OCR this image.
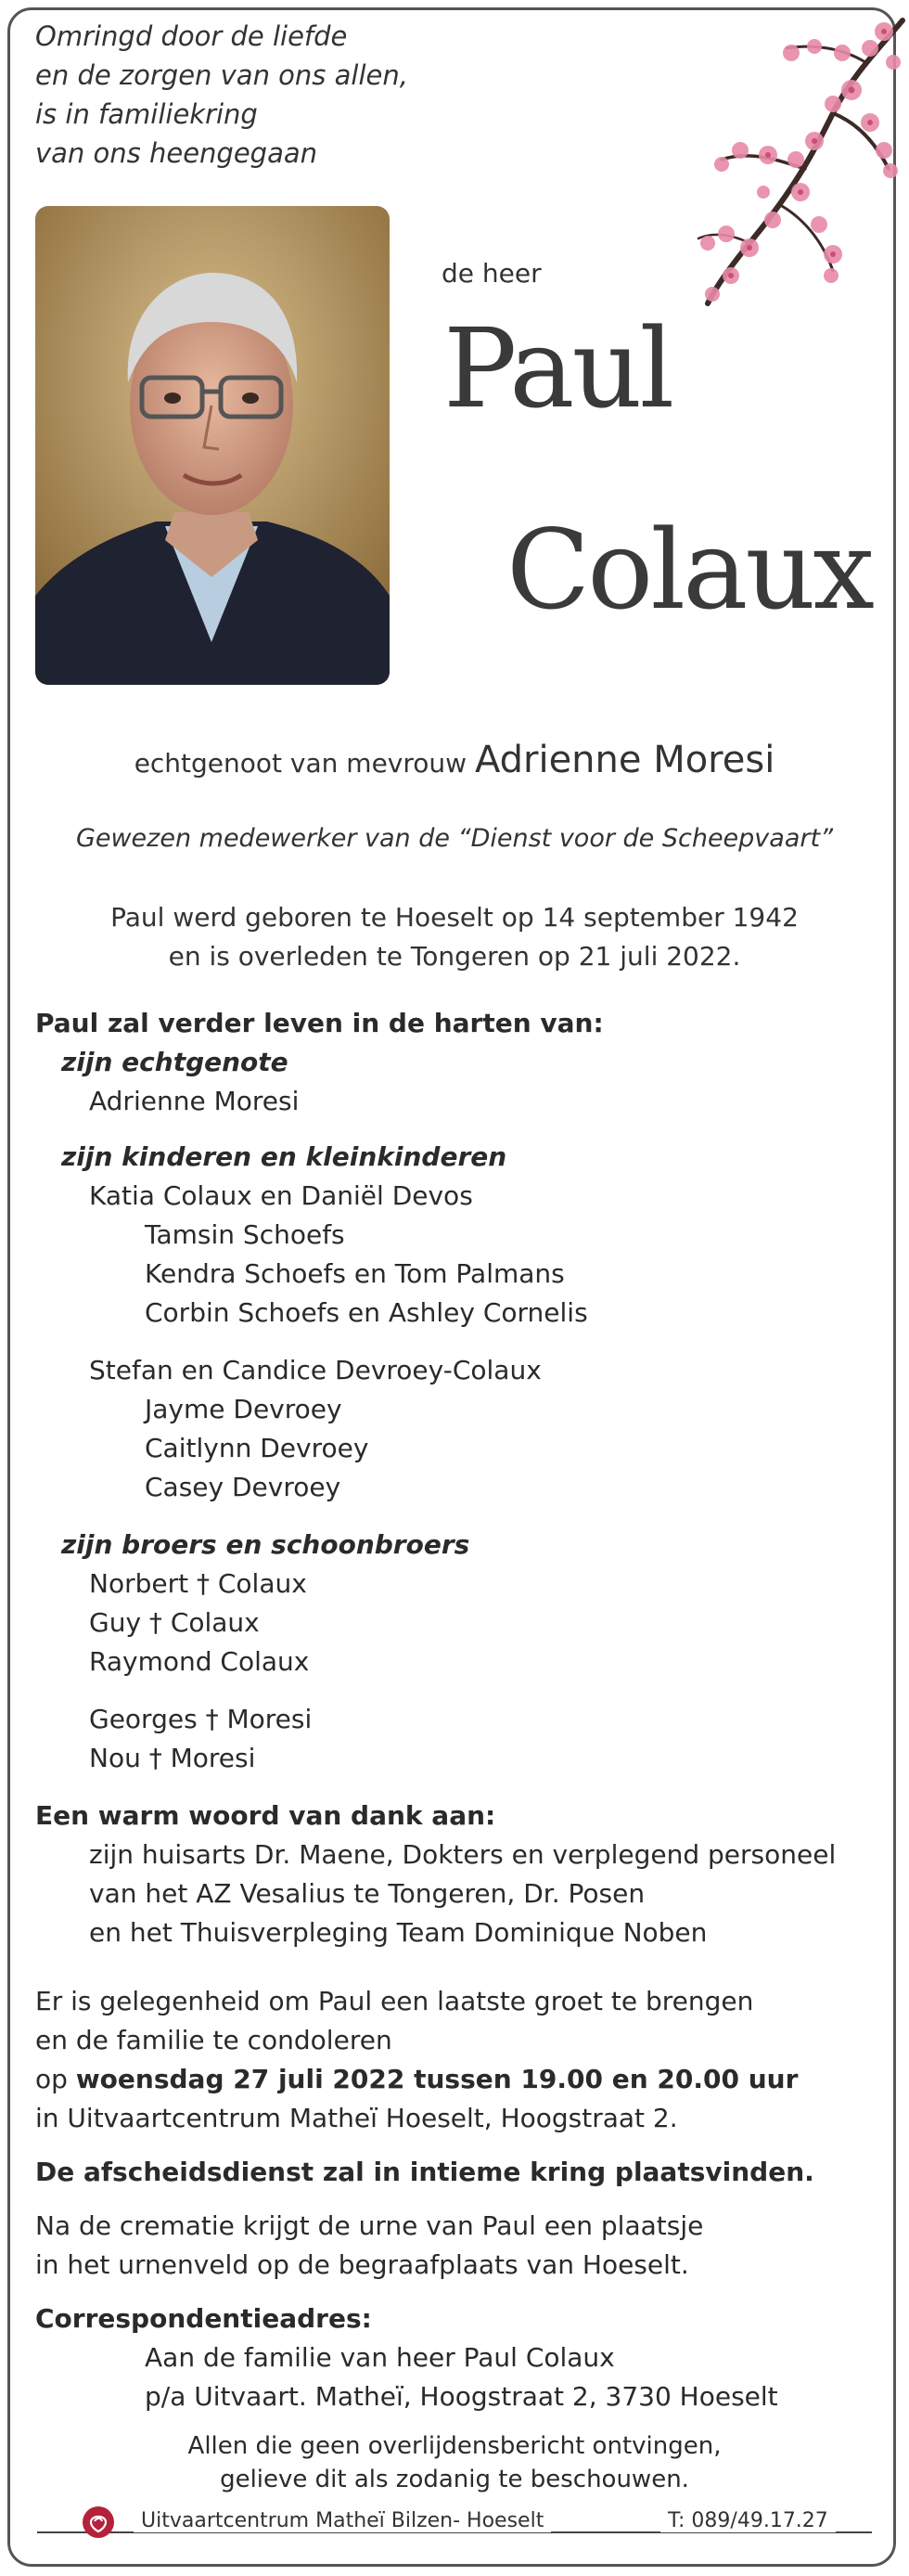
Omringd door de liefde
en de zorgen van ons allen,
is in familiekring
van ons heengegaan
de heer
Paul
Colaux
echtgenoot van mevrouw Adrienne Moresi
Gewezen medewerker van de “Dienst voor de Scheepvaart”
Paul werd geboren te Hoeselt op 14 september 1942
en is overleden te Tongeren op 21 juli 2022.
Paul zal verder leven in de harten van:
zijn echtgenote
Adrienne Moresi
zijn kinderen en kleinkinderen
Katia Colaux en Daniël Devos
Tamsin Schoefs
Kendra Schoefs en Tom Palmans
Corbin Schoefs en Ashley Cornelis
Stefan en Candice Devroey-Colaux
Jayme Devroey
Caitlynn Devroey
Casey Devroey
zijn broers en schoonbroers
Norbert † Colaux
Guy † Colaux
Raymond Colaux
Georges † Moresi
Nou † Moresi
Een warm woord van dank aan:
zijn huisarts Dr. Maene, Dokters en verplegend personeel
van het AZ Vesalius te Tongeren, Dr. Posen
en het Thuisverpleging Team Dominique Noben
Er is gelegenheid om Paul een laatste groet te brengen
en de familie te condoleren
op woensdag 27 juli 2022 tussen 19.00 en 20.00 uur
in Uitvaartcentrum Matheï Hoeselt, Hoogstraat 2.
De afscheidsdienst zal in intieme kring plaatsvinden.
Na de crematie krijgt de urne van Paul een plaatsje
in het urnenveld op de begraafplaats van Hoeselt.
Correspondentieadres:
Aan de familie van heer Paul Colaux
p/a Uitvaart. Matheï, Hoogstraat 2, 3730 Hoeselt
Allen die geen overlijdensbericht ontvingen,
gelieve dit als zodanig te beschouwen.
Uitvaartcentrum Matheï Bilzen- Hoeselt	T: 089/49.17.27
